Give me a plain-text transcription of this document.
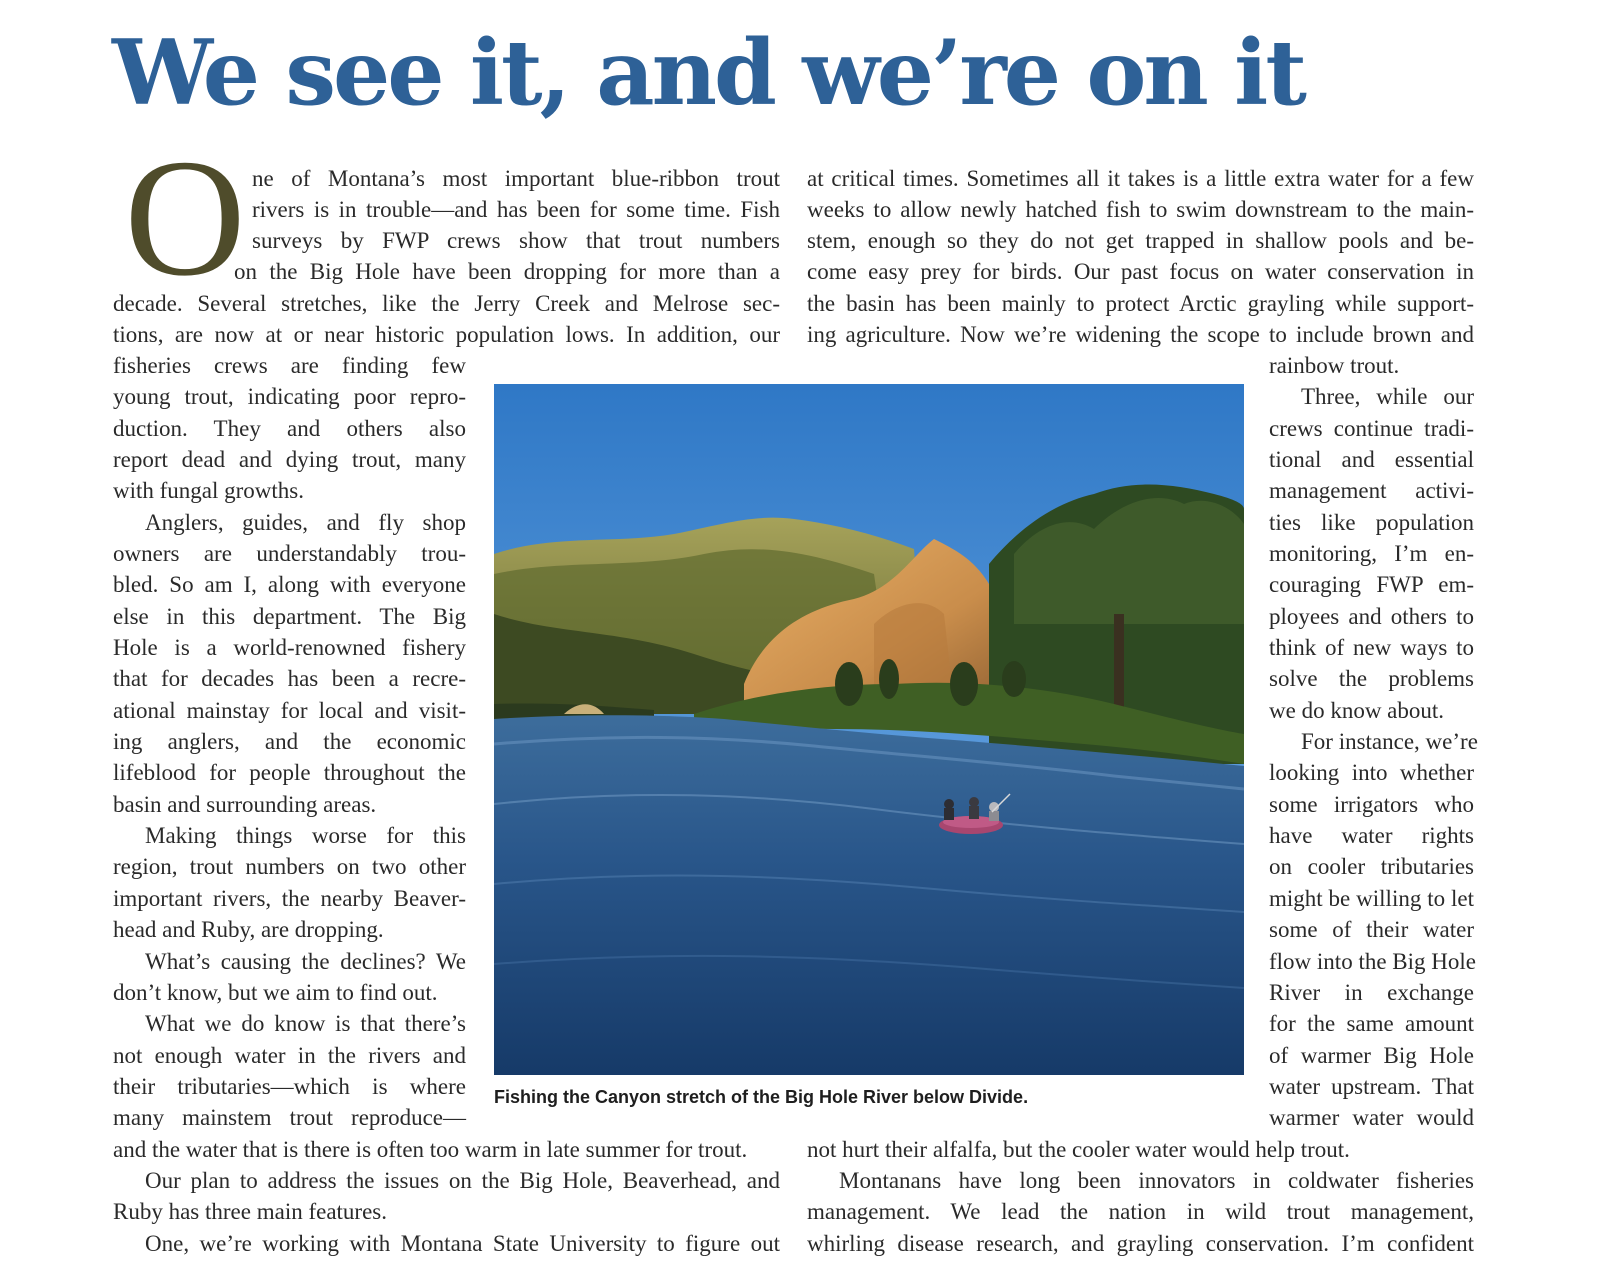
We see it, and we’re on it
O ne of Montana’s most important blue-ribbon trout
rivers is in trouble—and has been for some time. Fish
surveys by FWP crews show that trout numbers
on the Big Hole have been dropping for more than a
decade. Several stretches, like the Jerry Creek and Melrose sec-
tions, are now at or near historic population lows. In addition, our
fisheries crews are finding few
young trout, indicating poor repro-
duction. They and others also
report dead and dying trout, many
with fungal growths.
Anglers, guides, and fly shop
owners are understandably trou-
bled. So am I, along with everyone
else in this department. The Big
Hole is a world-renowned fishery
that for decades has been a recre-
ational mainstay for local and visit-
ing anglers, and the economic
lifeblood for people throughout the
basin and surrounding areas.
Making things worse for this
region, trout numbers on two other
important rivers, the nearby Beaver-
head and Ruby, are dropping.
What’s causing the declines? We
don’t know, but we aim to find out.
What we do know is that there’s
not enough water in the rivers and
their tributaries—which is where
many mainstem trout reproduce—
and the water that is there is often too warm in late summer for trout.
Our plan to address the issues on the Big Hole, Beaverhead, and
Ruby has three main features.
One, we’re working with Montana State University to figure out
at critical times. Sometimes all it takes is a little extra water for a few
weeks to allow newly hatched fish to swim downstream to the main-
stem, enough so they do not get trapped in shallow pools and be-
come easy prey for birds. Our past focus on water conservation in
the basin has been mainly to protect Arctic grayling while support-
ing agriculture. Now we’re widening the scope to include brown and
rainbow trout.
Three, while our
crews continue tradi-
tional and essential
management activi-
ties like population
monitoring, I’m en-
couraging FWP em-
ployees and others to
think of new ways to
solve the problems
we do know about.
For instance, we’re
looking into whether
some irrigators who
have water rights
on cooler tributaries
might be willing to let
some of their water
flow into the Big Hole
River in exchange
for the same amount
of warmer Big Hole
water upstream. That
warmer water would
not hurt their alfalfa, but the cooler water would help trout.
Montanans have long been innovators in coldwater fisheries
management. We lead the nation in wild trout management,
whirling disease research, and grayling conservation. I’m confident
Fishing the Canyon stretch of the Big Hole River below Divide.
